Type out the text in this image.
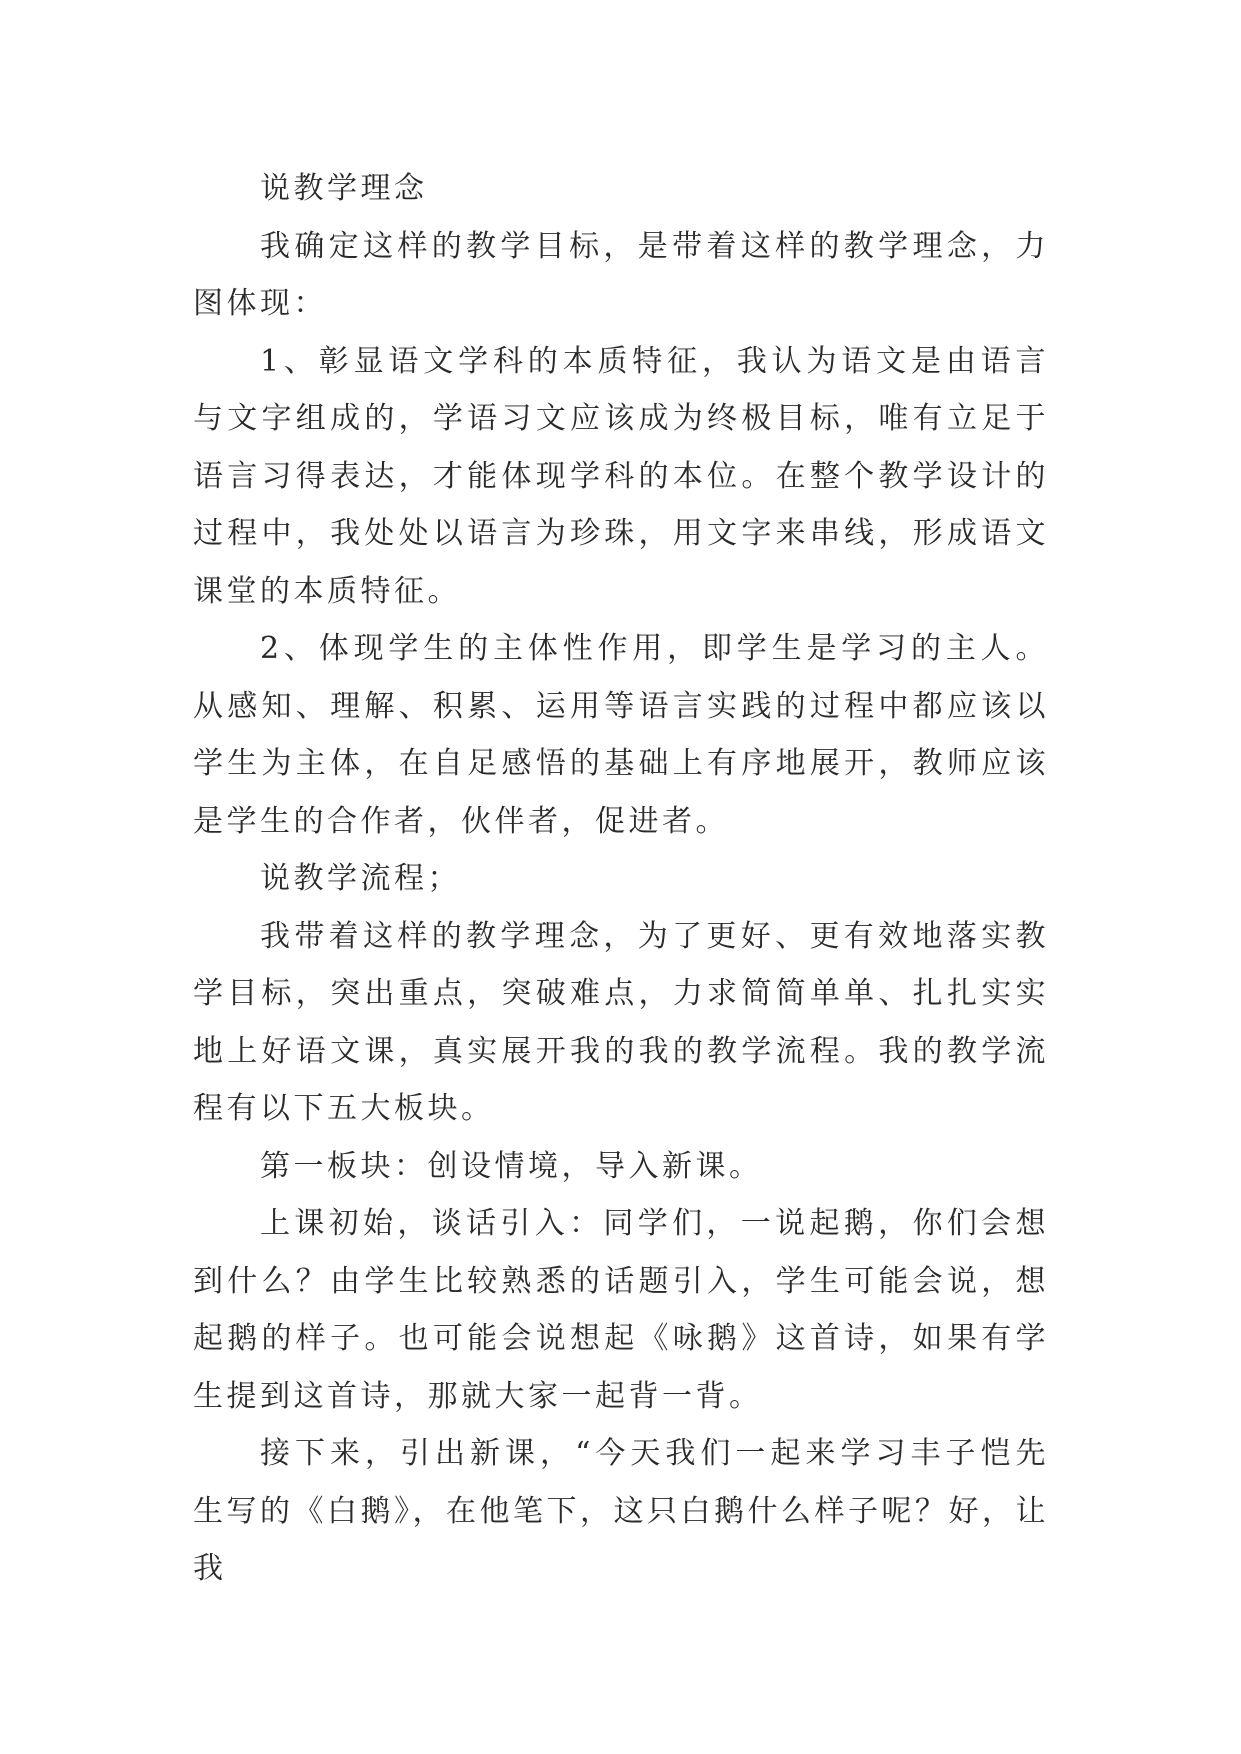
说教学理念

我确定这样的教学目标，是带着这样的教学理念，力图体现：

1、彰显语文学科的本质特征，我认为语文是由语言与文字组成的，学语习文应该成为终极目标，唯有立足于语言习得表达，才能体现学科的本位。在整个教学设计的过程中，我处处以语言为珍珠，用文字来串线，形成语文课堂的本质特征。

2、体现学生的主体性作用，即学生是学习的主人。从感知、理解、积累、运用等语言实践的过程中都应该以学生为主体，在自足感悟的基础上有序地展开，教师应该是学生的合作者，伙伴者，促进者。

说教学流程；

我带着这样的教学理念，为了更好、更有效地落实教学目标，突出重点，突破难点，力求简简单单、扎扎实实地上好语文课，真实展开我的我的教学流程。我的教学流程有以下五大板块。

第一板块：创设情境，导入新课。

上课初始，谈话引入：同学们，一说起鹅，你们会想到什么？由学生比较熟悉的话题引入，学生可能会说，想起鹅的样子。也可能会说想起《咏鹅》这首诗，如果有学生提到这首诗，那就大家一起背一背。

接下来，引出新课，“今天我们一起来学习丰子恺先生写的《白鹅》，在他笔下，这只白鹅什么样子呢？好，让我
